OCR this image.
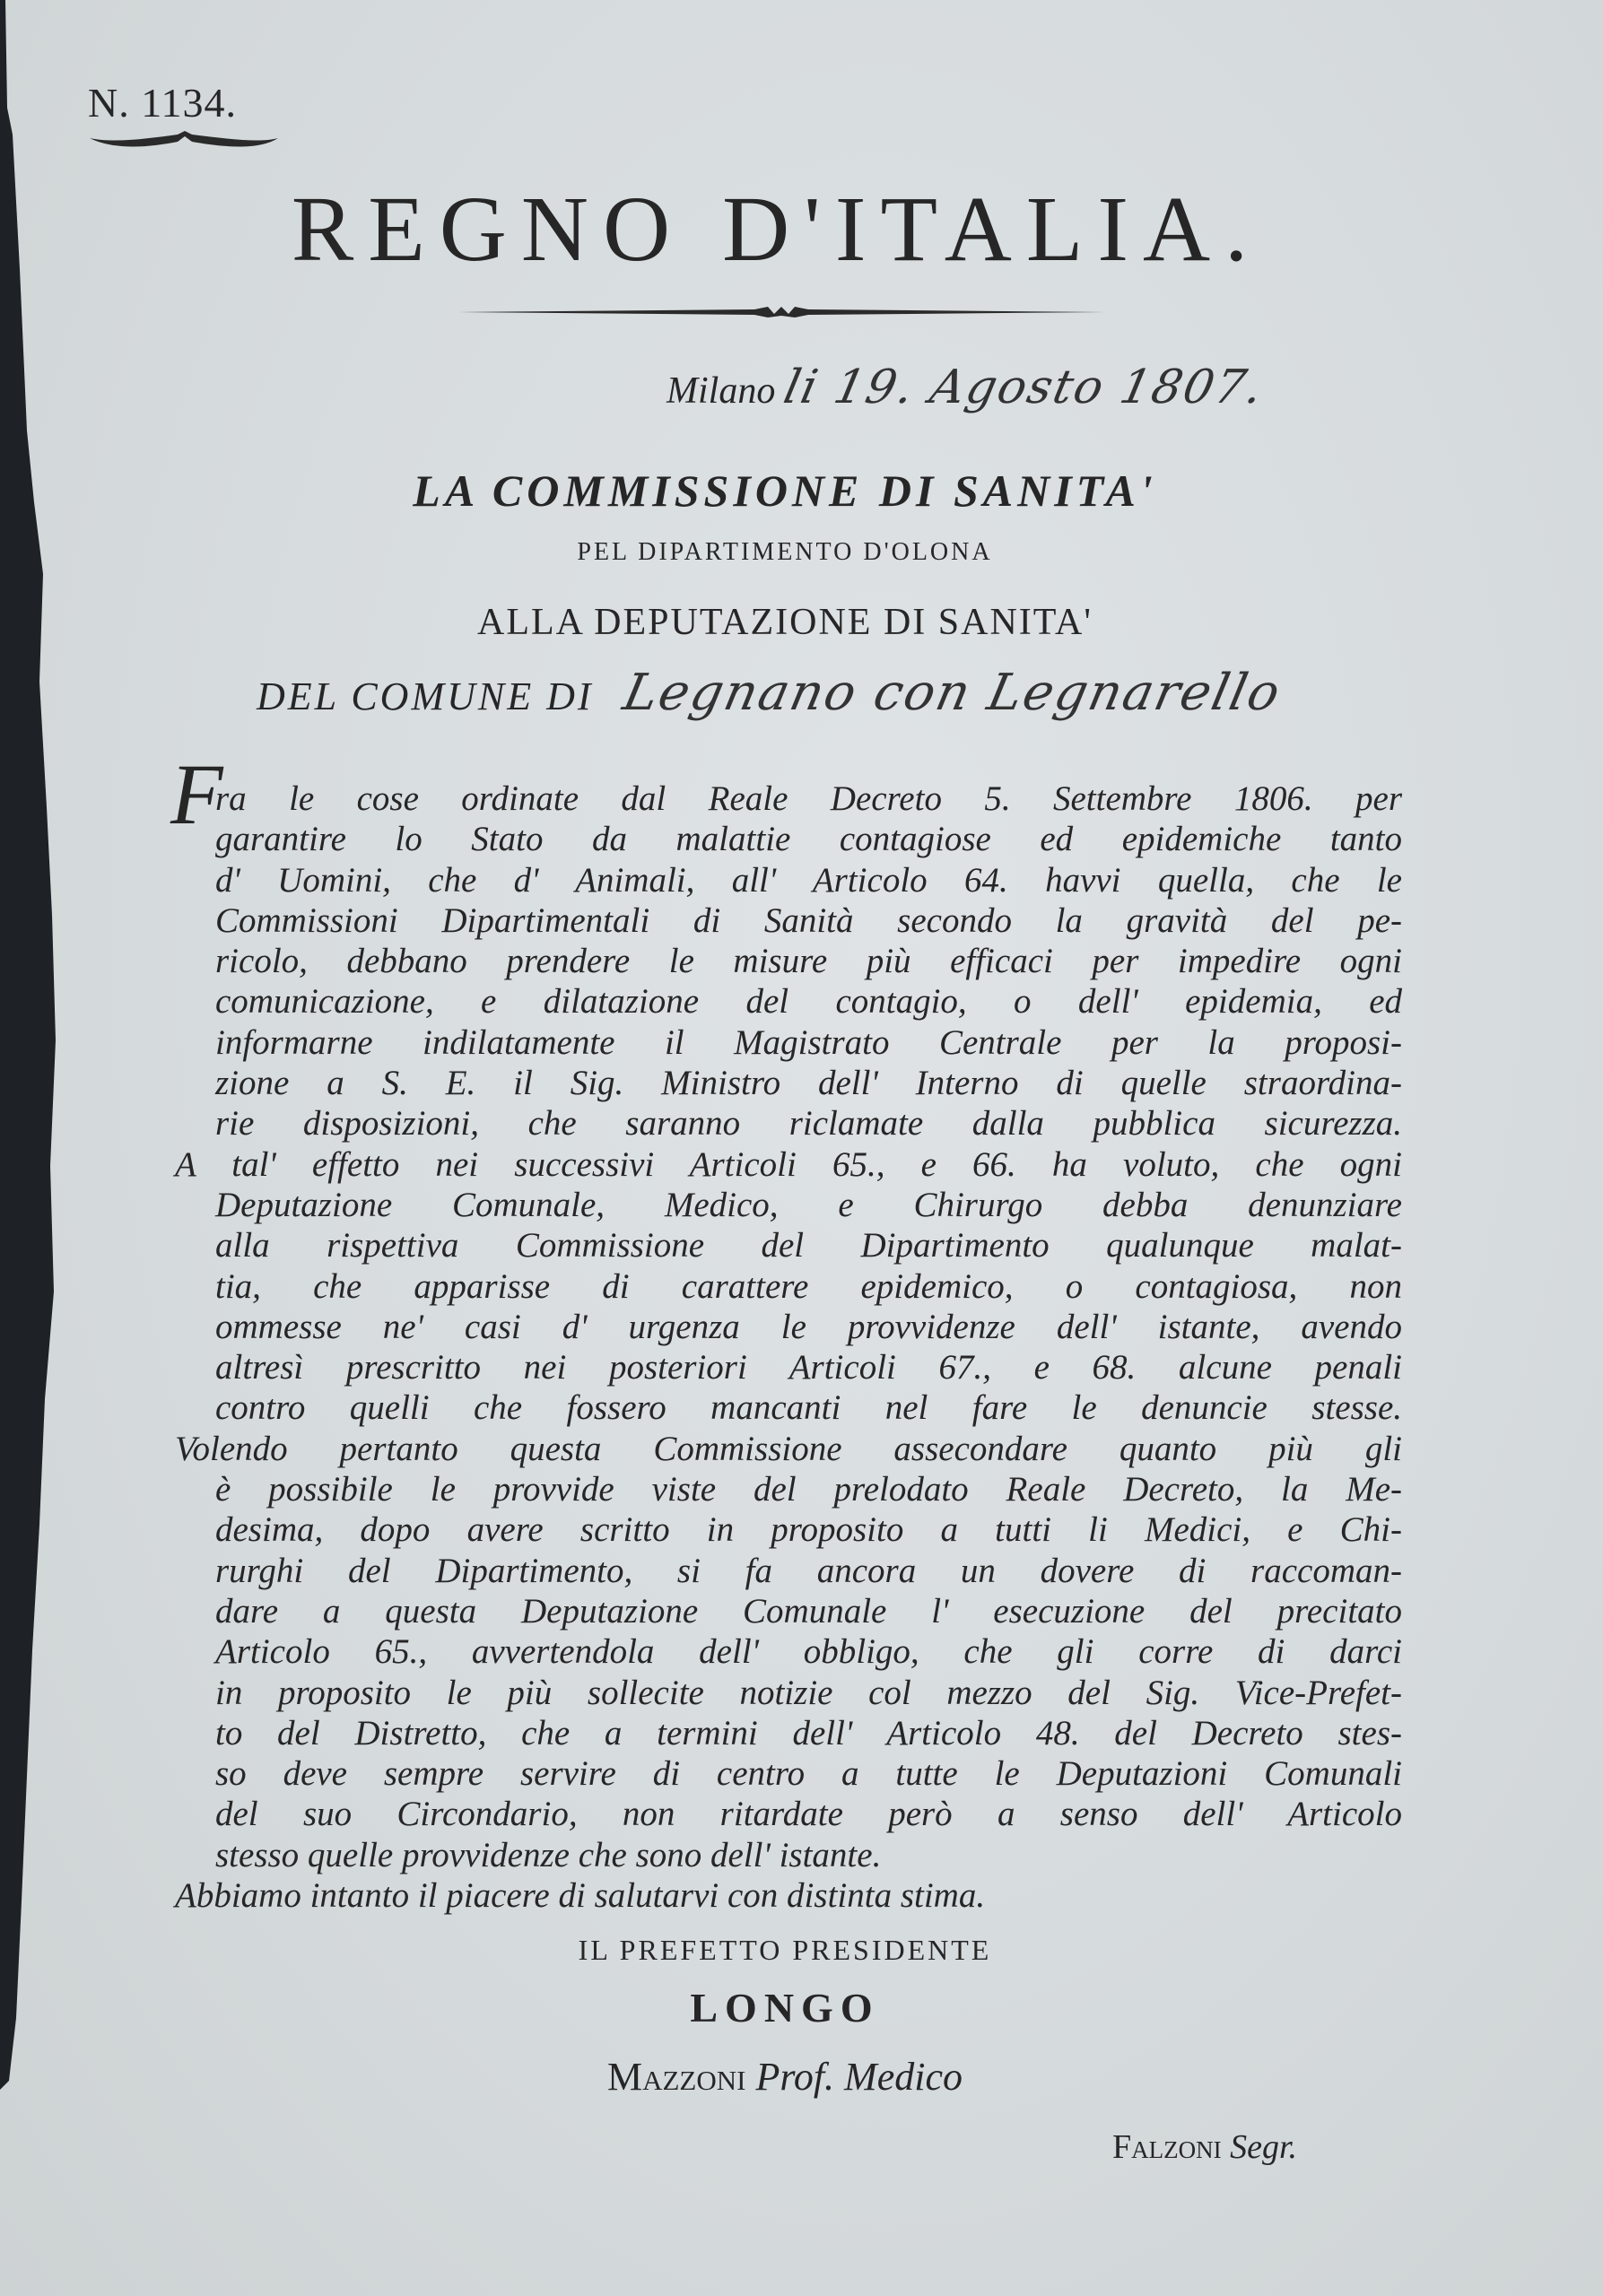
N. 1134.
REGNO D'ITALIA.
Milano li 19. Agosto 1807.
LA COMMISSIONE DI SANITA'
PEL DIPARTIMENTO D'OLONA
ALLA DEPUTAZIONE DI SANITA'
DEL COMUNE DI Legnano con Legnarello
F
ra le cose ordinate dal Reale Decreto 5. Settembre 1806. per
garantire lo Stato da malattie contagiose ed epidemiche tanto
d' Uomini, che d' Animali, all' Articolo 64. havvi quella, che le
Commissioni Dipartimentali di Sanità secondo la gravità del pe-
ricolo, debbano prendere le misure più efficaci per impedire ogni
comunicazione, e dilatazione del contagio, o dell' epidemia, ed
informarne indilatamente il Magistrato Centrale per la proposi-
zione a S. E. il Sig. Ministro dell' Interno di quelle straordina-
rie disposizioni, che saranno riclamate dalla pubblica sicurezza.
A tal' effetto nei successivi Articoli 65., e 66. ha voluto, che ogni
Deputazione Comunale, Medico, e Chirurgo debba denunziare
alla rispettiva Commissione del Dipartimento qualunque malat-
tia, che apparisse di carattere epidemico, o contagiosa, non
ommesse ne' casi d' urgenza le provvidenze dell' istante, avendo
altresì prescritto nei posteriori Articoli 67., e 68. alcune penali
contro quelli che fossero mancanti nel fare le denuncie stesse.
Volendo pertanto questa Commissione assecondare quanto più gli
è possibile le provvide viste del prelodato Reale Decreto, la Me-
desima, dopo avere scritto in proposito a tutti li Medici, e Chi-
rurghi del Dipartimento, si fa ancora un dovere di raccoman-
dare a questa Deputazione Comunale l' esecuzione del precitato
Articolo 65., avvertendola dell' obbligo, che gli corre di darci
in proposito le più sollecite notizie col mezzo del Sig. Vice-Prefet-
to del Distretto, che a termini dell' Articolo 48. del Decreto stes-
so deve sempre servire di centro a tutte le Deputazioni Comunali
del suo Circondario, non ritardate però a senso dell' Articolo
stesso quelle provvidenze che sono dell' istante.
Abbiamo intanto il piacere di salutarvi con distinta stima.
IL PREFETTO PRESIDENTE
LONGO
Mazzoni Prof. Medico
Falzoni Segr.
